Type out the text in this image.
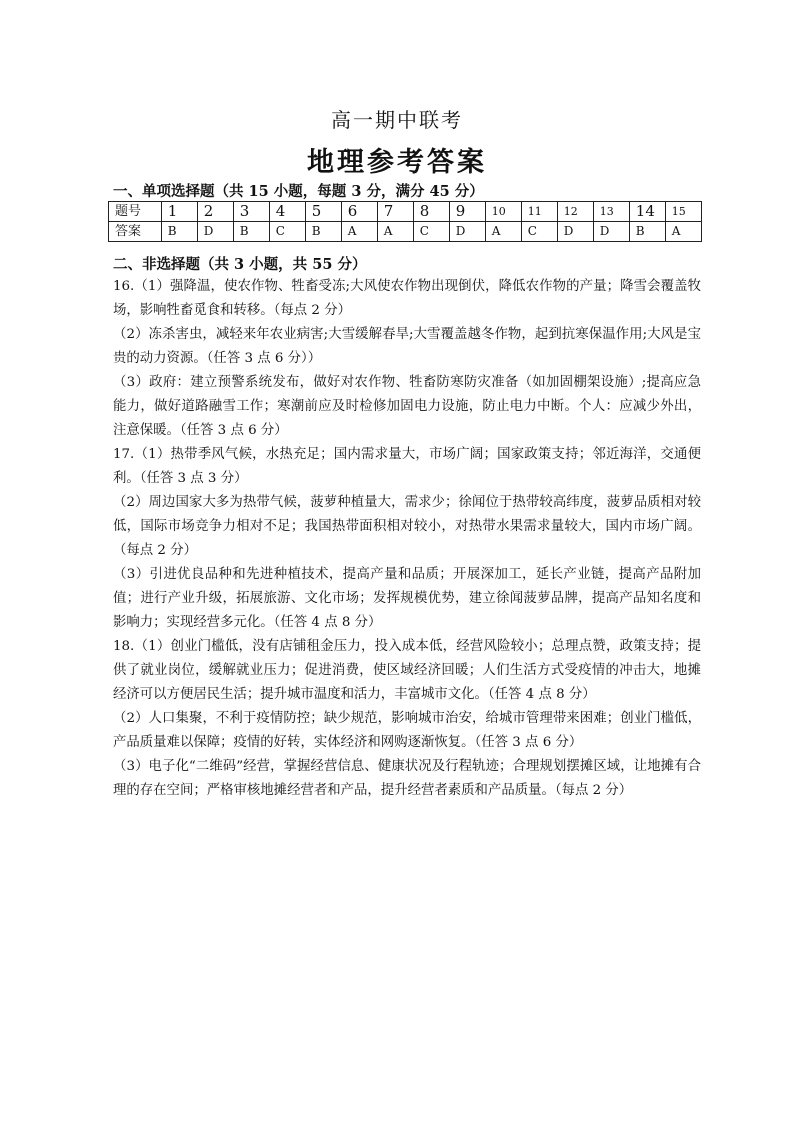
高一期中联考
地理参考答案
一、单项选择题（共 15 小题，每题 3 分，满分 45 分）
题号	1	2	3	4	5	6	7	8	9	10	11	12	13	14	15
答案	B	D	B	C	B	A	A	C	D	A	C	D	D	B	A
二、非选择题（共 3 小题，共 55 分）

16.（1）强降温，使农作物、牲畜受冻;大风使农作物出现倒伏，降低农作物的产量；降雪会覆盖牧场，影响牲畜觅食和转移。（每点 2 分）

（2）冻杀害虫，减轻来年农业病害;大雪缓解春旱;大雪覆盖越冬作物，起到抗寒保温作用;大风是宝贵的动力资源。（任答 3 点 6 分））

（3）政府：建立预警系统发布，做好对农作物、牲畜防寒防灾准备（如加固棚架设施）;提高应急能力，做好道路融雪工作；寒潮前应及时检修加固电力设施，防止电力中断。个人：应减少外出，注意保暖。（任答 3 点 6 分）

17.（1）热带季风气候，水热充足；国内需求量大，市场广阔；国家政策支持；邻近海洋，交通便利。（任答 3 点 3 分）

（2）周边国家大多为热带气候，菠萝种植量大，需求少；徐闻位于热带较高纬度，菠萝品质相对较低，国际市场竞争力相对不足；我国热带面积相对较小，对热带水果需求量较大，国内市场广阔。（每点 2 分）

（3）引进优良品种和先进种植技术，提高产量和品质；开展深加工，延长产业链，提高产品附加值；进行产业升级，拓展旅游、文化市场；发挥规模优势，建立徐闻菠萝品牌，提高产品知名度和影响力；实现经营多元化。（任答 4 点 8 分）

18.（1）创业门槛低，没有店铺租金压力，投入成本低，经营风险较小；总理点赞，政策支持；提供了就业岗位，缓解就业压力；促进消费，使区域经济回暖；人们生活方式受疫情的冲击大，地摊经济可以方便居民生活；提升城市温度和活力，丰富城市文化。（任答 4 点 8 分）

（2）人口集聚，不利于疫情防控；缺少规范，影响城市治安，给城市管理带来困难；创业门槛低，产品质量难以保障；疫情的好转，实体经济和网购逐渐恢复。（任答 3 点 6 分）

（3）电子化“二维码”经营，掌握经营信息、健康状况及行程轨迹；合理规划摆摊区域，让地摊有合理的存在空间；严格审核地摊经营者和产品，提升经营者素质和产品质量。（每点 2 分）
